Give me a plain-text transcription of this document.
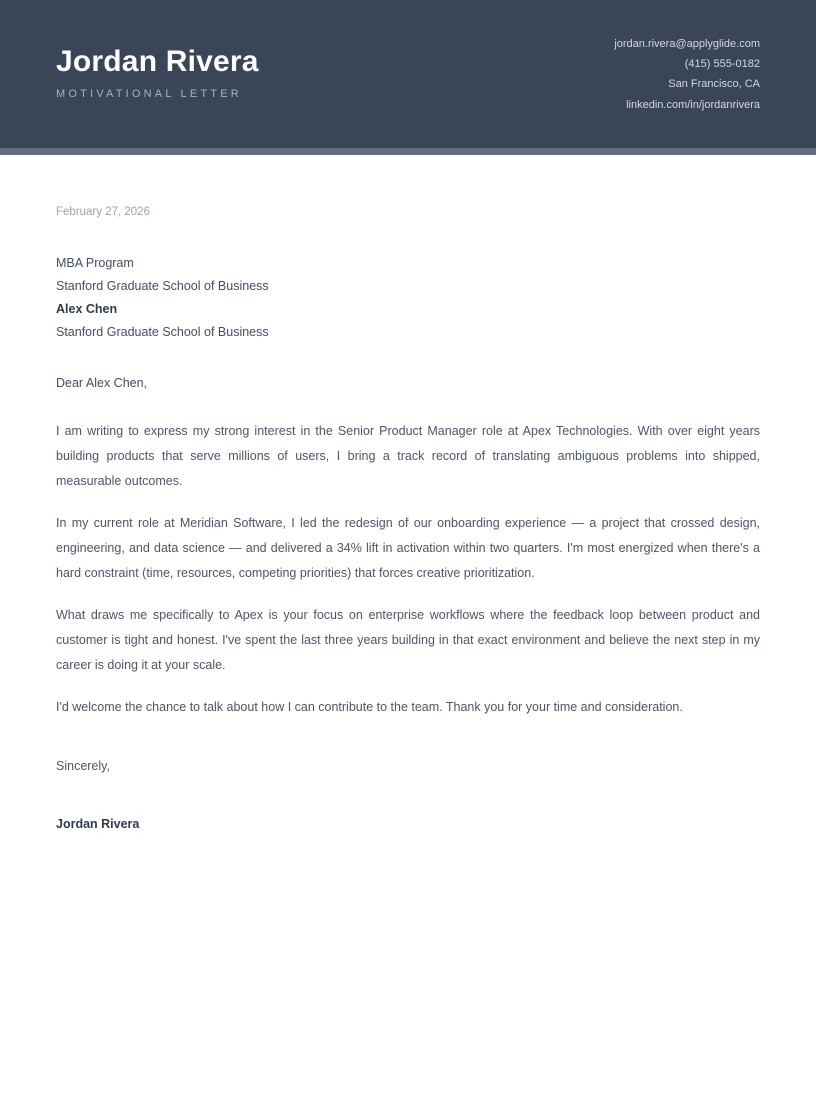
Jordan Rivera
MOTIVATIONAL LETTER
jordan.rivera@applyglide.com
(415) 555-0182
San Francisco, CA
linkedin.com/in/jordanrivera
February 27, 2026
MBA Program
Stanford Graduate School of Business
Alex Chen
Stanford Graduate School of Business
Dear Alex Chen,

I am writing to express my strong interest in the Senior Product Manager role at Apex Technologies. With over eight years building products that serve millions of users, I bring a track record of translating ambiguous problems into shipped, measurable outcomes.

In my current role at Meridian Software, I led the redesign of our onboarding experience — a project that crossed design, engineering, and data science — and delivered a 34% lift in activation within two quarters. I'm most energized when there's a hard constraint (time, resources, competing priorities) that forces creative prioritization.

What draws me specifically to Apex is your focus on enterprise workflows where the feedback loop between product and customer is tight and honest. I've spent the last three years building in that exact environment and believe the next step in my career is doing it at your scale.

I'd welcome the chance to talk about how I can contribute to the team. Thank you for your time and consideration.

Sincerely,
Jordan Rivera
